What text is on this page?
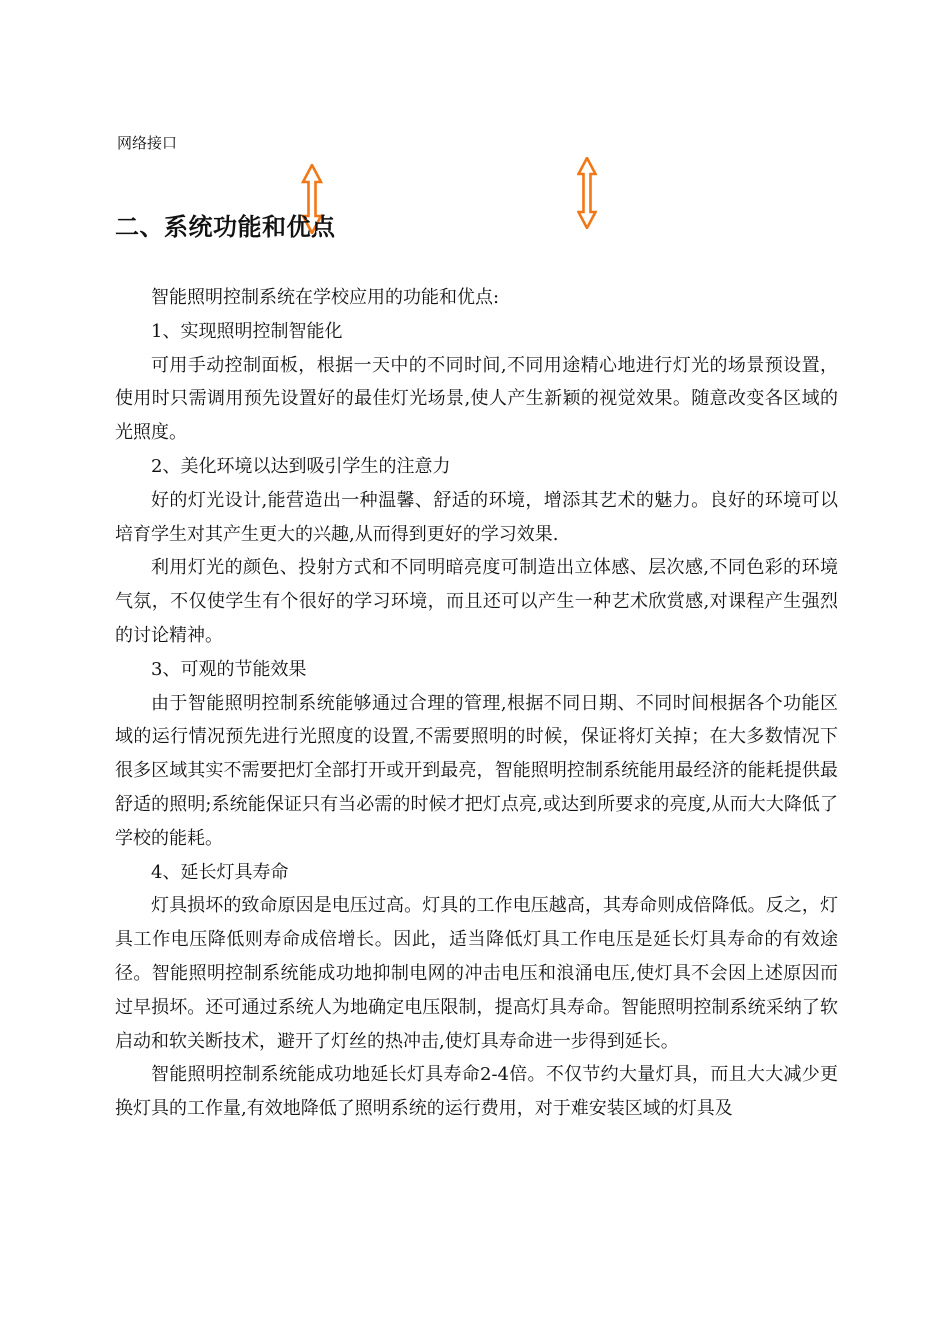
网络接口
二、系统功能和优点

智能照明控制系统在学校应用的功能和优点:

1、实现照明控制智能化

可用手动控制面板，根据一天中的不同时间,不同用途精心地进行灯光的场景预设置，使用时只需调用预先设置好的最佳灯光场景,使人产生新颖的视觉效果。随意改变各区域的光照度。

2、美化环境以达到吸引学生的注意力

好的灯光设计,能营造出一种温馨、舒适的环境，增添其艺术的魅力。良好的环境可以培育学生对其产生更大的兴趣,从而得到更好的学习效果.

利用灯光的颜色、投射方式和不同明暗亮度可制造出立体感、层次感,不同色彩的环境气氛，不仅使学生有个很好的学习环境，而且还可以产生一种艺术欣赏感,对课程产生强烈的讨论精神。

3、可观的节能效果

由于智能照明控制系统能够通过合理的管理,根据不同日期、不同时间根据各个功能区域的运行情况预先进行光照度的设置,不需要照明的时候，保证将灯关掉；在大多数情况下很多区域其实不需要把灯全部打开或开到最亮，智能照明控制系统能用最经济的能耗提供最舒适的照明;系统能保证只有当必需的时候才把灯点亮,或达到所要求的亮度,从而大大降低了学校的能耗。

4、延长灯具寿命

灯具损坏的致命原因是电压过高。灯具的工作电压越高，其寿命则成倍降低。反之，灯具工作电压降低则寿命成倍增长。因此，适当降低灯具工作电压是延长灯具寿命的有效途径。智能照明控制系统能成功地抑制电网的冲击电压和浪涌电压,使灯具不会因上述原因而过早损坏。还可通过系统人为地确定电压限制，提高灯具寿命。智能照明控制系统采纳了软启动和软关断技术，避开了灯丝的热冲击,使灯具寿命进一步得到延长。

智能照明控制系统能成功地延长灯具寿命2-4倍。不仅节约大量灯具，而且大大减少更换灯具的工作量,有效地降低了照明系统的运行费用，对于难安装区域的灯具及
